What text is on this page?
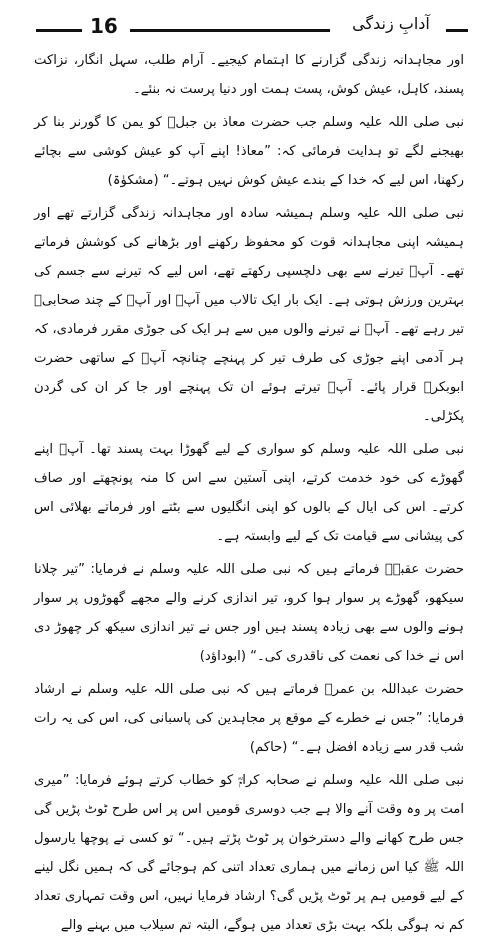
16	آدابِ زندگی

اور مجاہدانہ زندگی گزارنے کا اہتمام کیجیے۔ آرام طلب، سہل انگار، نزاکت پسند، کاہل، عیش کوش، پست ہمت اور دنیا پرست نہ بنئے۔

نبی صلی اللہ علیہ وسلم جب حضرت معاذ بن جبلؓ کو یمن کا گورنر بنا کر بھیجنے لگے تو ہدایت فرمائی کہ: ”معاذ! اپنے آپ کو عیش کوشی سے بچائے رکھنا، اس لیے کہ خدا کے بندے عیش کوش نہیں ہوتے۔“ (مشکوٰۃ)

نبی صلی اللہ علیہ وسلم ہمیشہ سادہ اور مجاہدانہ زندگی گزارتے تھے اور ہمیشہ اپنی مجاہدانہ قوت کو محفوظ رکھنے اور بڑھانے کی کوشش فرماتے تھے۔ آپؐ تیرنے سے بھی دلچسپی رکھتے تھے، اس لیے کہ تیرنے سے جسم کی بہترین ورزش ہوتی ہے۔ ایک بار ایک تالاب میں آپؐ اور آپؐ کے چند صحابیؓ تیر رہے تھے۔ آپؐ نے تیرنے والوں میں سے ہر ایک کی جوڑی مقرر فرمادی، کہ ہر آدمی اپنے جوڑی کی طرف تیر کر پہنچے چنانچہ آپؐ کے ساتھی حضرت ابوبکرؓ قرار پائے۔ آپؐ تیرتے ہوئے ان تک پہنچے اور جا کر ان کی گردن پکڑلی۔

نبی صلی اللہ علیہ وسلم کو سواری کے لیے گھوڑا بہت پسند تھا۔ آپؐ اپنے گھوڑے کی خود خدمت کرتے، اپنی آستین سے اس کا منہ پونچھتے اور صاف کرتے۔ اس کی ایال کے بالوں کو اپنی انگلیوں سے بٹتے اور فرماتے بھلائی اس کی پیشانی سے قیامت تک کے لیے وابستہ ہے۔

حضرت عقبہؓ فرماتے ہیں کہ نبی صلی اللہ علیہ وسلم نے فرمایا: ”تیر چلانا سیکھو، گھوڑے پر سوار ہوا کرو، تیر اندازی کرنے والے مجھے گھوڑوں پر سوار ہونے والوں سے بھی زیادہ پسند ہیں اور جس نے تیر اندازی سیکھ کر چھوڑ دی اس نے خدا کی نعمت کی ناقدری کی۔“ (ابوداؤد)

حضرت عبداللہ بن عمرؓ فرماتے ہیں کہ نبی صلی اللہ علیہ وسلم نے ارشاد فرمایا: ”جس نے خطرے کے موقع پر مجاہدین کی پاسبانی کی، اس کی یہ رات شب قدر سے زیادہ افضل ہے۔“ (حاکم)

نبی صلی اللہ علیہ وسلم نے صحابہ کرامؓ کو خطاب کرتے ہوئے فرمایا: ”میری امت پر وہ وقت آنے والا ہے جب دوسری قومیں اس پر اس طرح ٹوٹ پڑیں گی جس طرح کھانے والے دسترخوان پر ٹوٹ پڑتے ہیں۔“ تو کسی نے پوچھا یارسول اللہ ﷺ کیا اس زمانے میں ہماری تعداد اتنی کم ہوجائے گی کہ ہمیں نگل لینے کے لیے قومیں ہم پر ٹوٹ پڑیں گی؟ ارشاد فرمایا نہیں، اس وقت تمہاری تعداد کم نہ ہوگی بلکہ بہت بڑی تعداد میں ہوگے، البتہ تم سیلاب میں بہنے والے
